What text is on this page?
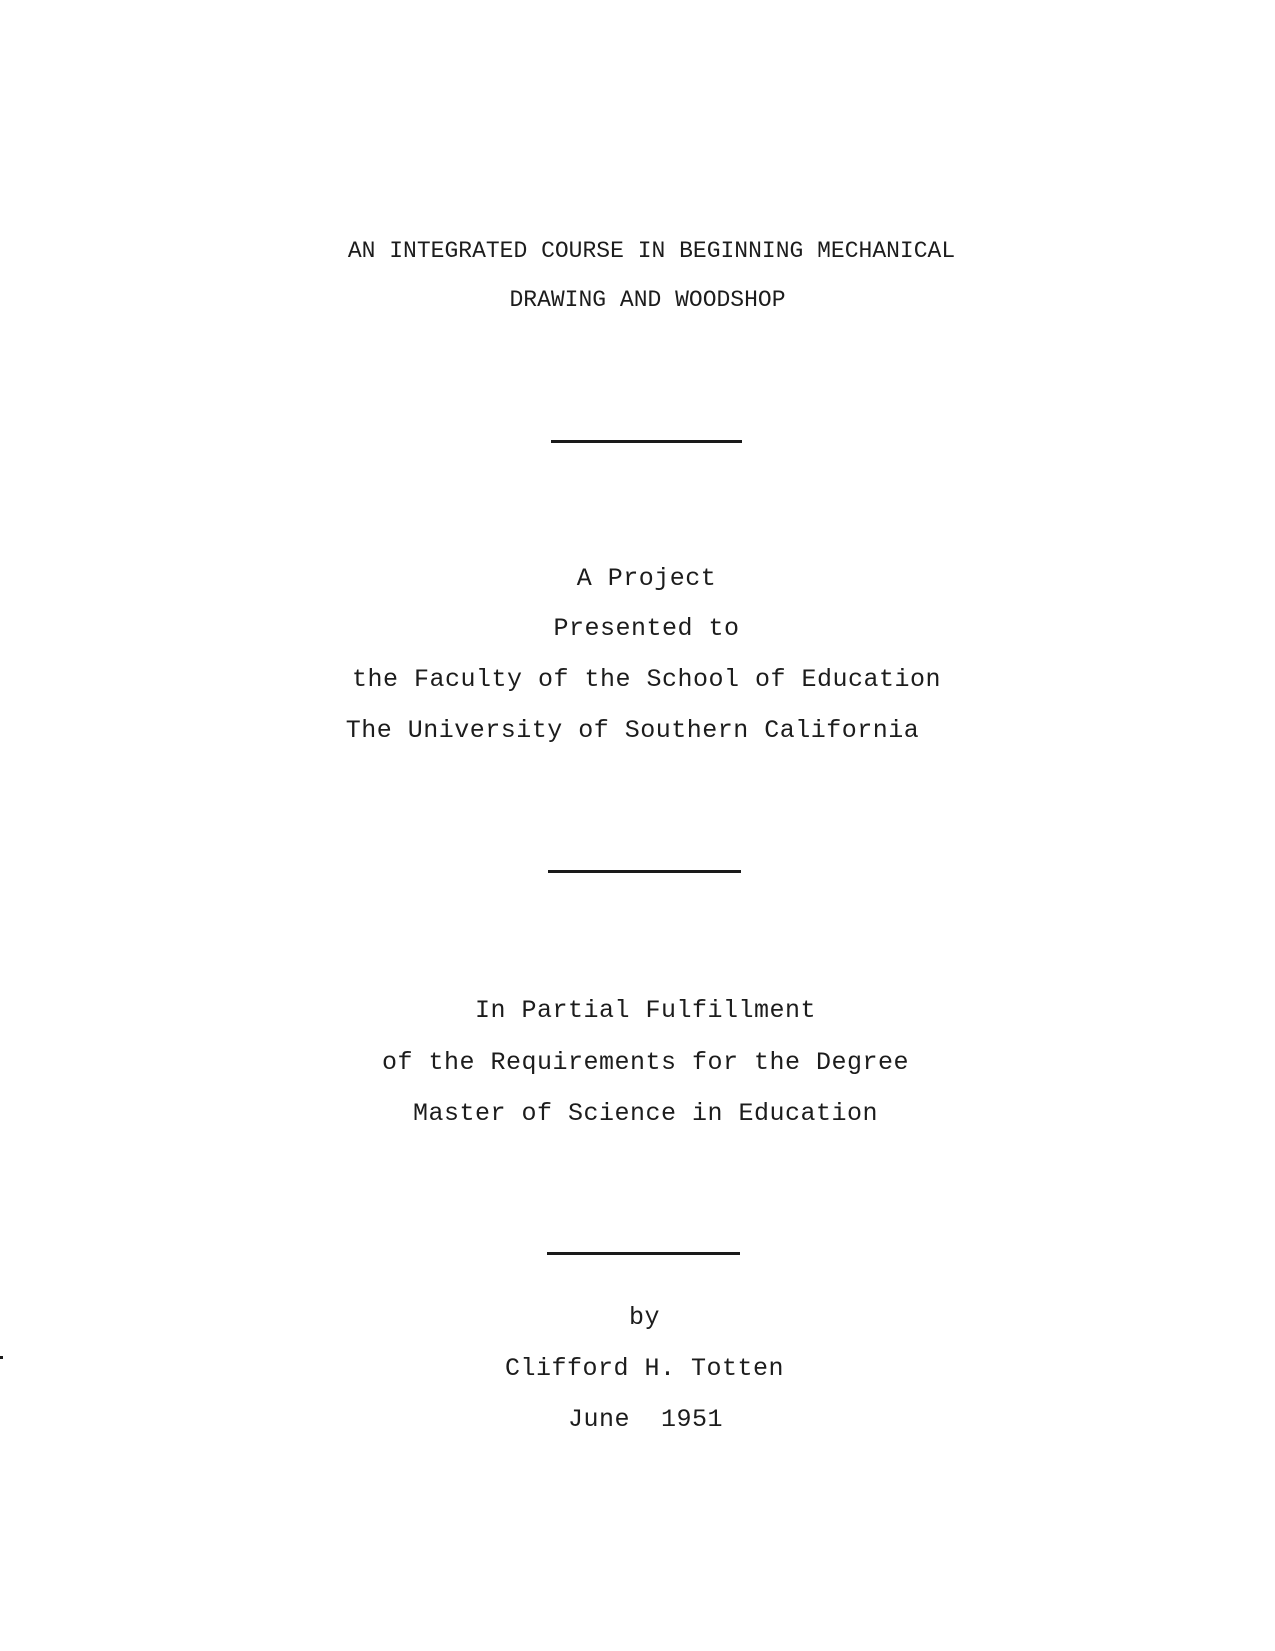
AN INTEGRATED COURSE IN BEGINNING MECHANICAL
DRAWING AND WOODSHOP
A Project
Presented to
the Faculty of the School of Education
The University of Southern California
In Partial Fulfillment
of the Requirements for the Degree
Master of Science in Education
by
Clifford H. Totten
June  1951
